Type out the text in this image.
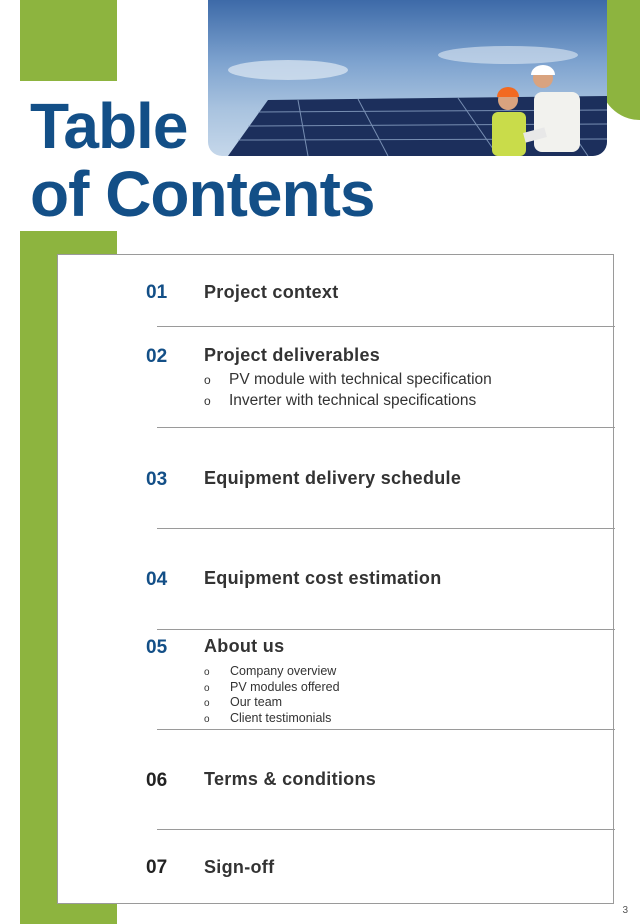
Table
of Contents
01 Project context
02 Project deliverables
o PV module with technical specification
o Inverter with technical specifications
03 Equipment delivery schedule
04 Equipment cost estimation
05 About us
o Company overview
o PV modules offered
o Our team
o Client testimonials
06 Terms & conditions
07 Sign-off
3
